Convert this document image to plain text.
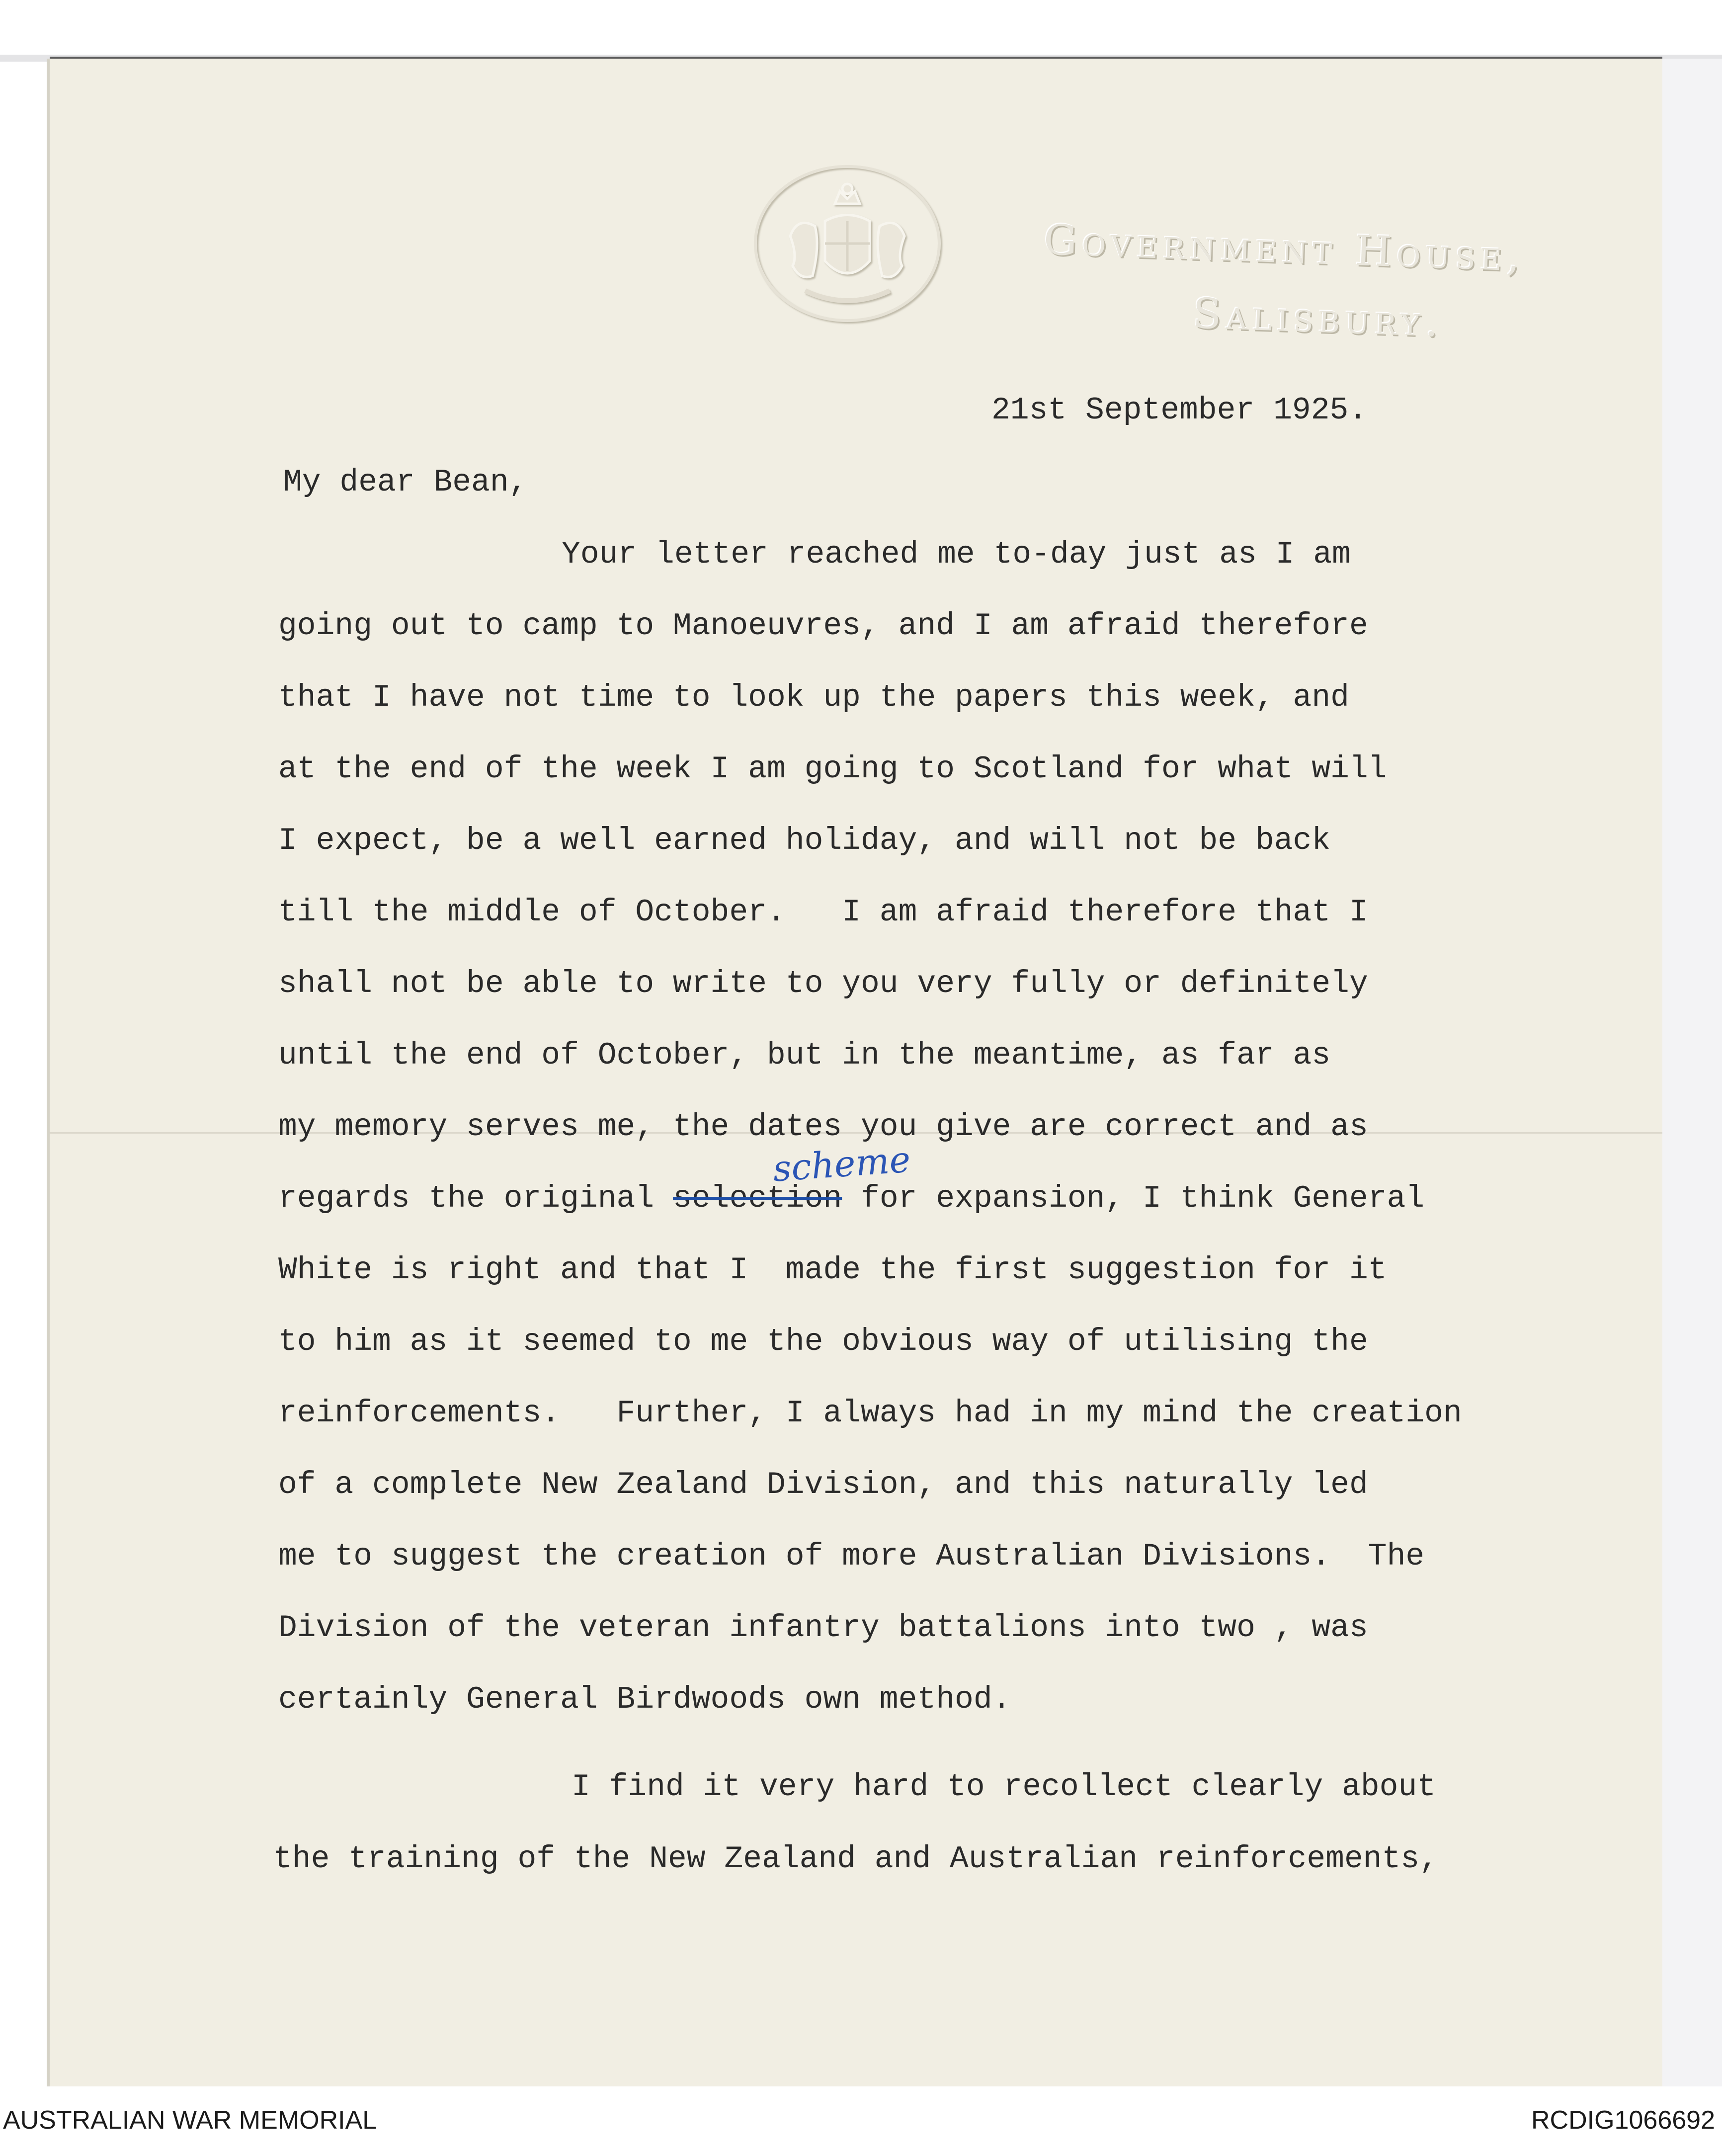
Government House,
Salisbury.
21st September 1925.
My dear Bean,
Your letter reached me to-day just as I am
going out to camp to Manoeuvres, and I am afraid therefore
that I have not time to look up the papers this week, and
at the end of the week I am going to Scotland for what will
I expect, be a well earned holiday, and will not be back
till the middle of October.   I am afraid therefore that I
shall not be able to write to you very fully or definitely
until the end of October, but in the meantime, as far as
my memory serves me, the dates you give are correct and as
regards the original selection for expansion, I think General
scheme
White is right and that I  made the first suggestion for it
to him as it seemed to me the obvious way of utilising the
reinforcements.   Further, I always had in my mind the creation
of a complete New Zealand Division, and this naturally led
me to suggest the creation of more Australian Divisions.  The
Division of the veteran infantry battalions into two , was
certainly General Birdwoods own method.
I find it very hard to recollect clearly about
the training of the New Zealand and Australian reinforcements,
AUSTRALIAN WAR MEMORIAL	RCDIG1066692
